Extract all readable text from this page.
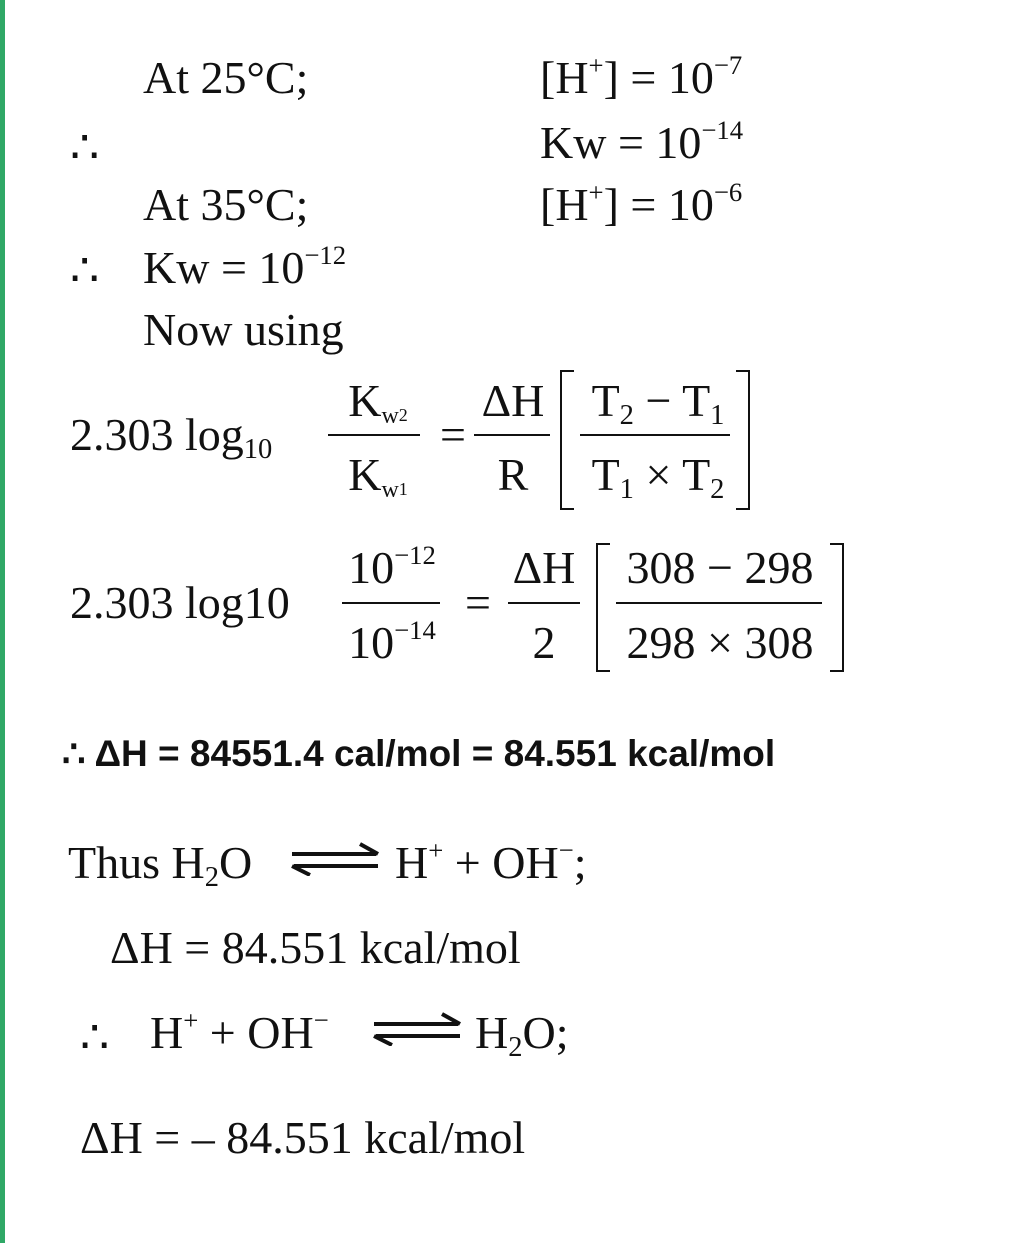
At 25°C;	$[H^+] = 10^{-7}$
∴	$Kw = 10^{-14}$
At 35°C;	$[H^+] = 10^{-6}$
∴ $Kw = 10^{-12}$
Now using
2.303 log10
Kw2
Kw1
=
ΔH
R
T2 − T1
T1 × T2
2.303 log10
$10^{-12}$
$10^{-14}$
=
ΔH
2
308 − 298
298 × 308
∴ ΔH = 84551.4 cal/mol = 84.551 kcal/mol
Thus H2O	H+ + OH−;
ΔH = 84.551 kcal/mol
∴ H+ + OH−	H2O;
ΔH = – 84.551 kcal/mol
